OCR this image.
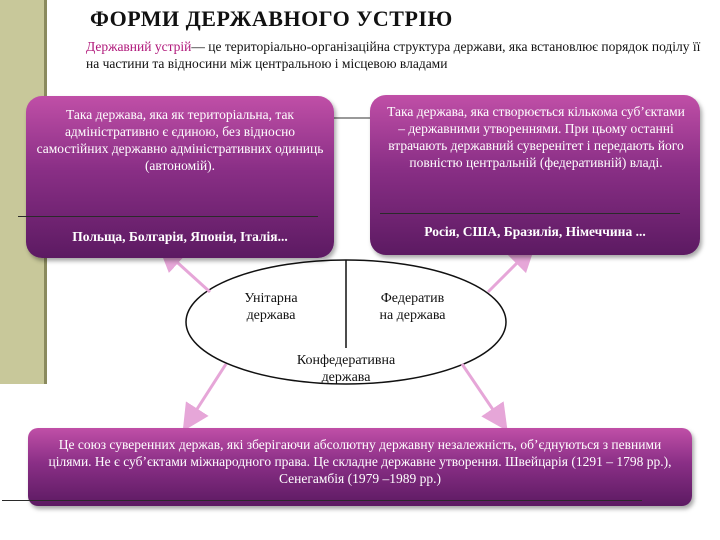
ФОРМИ ДЕРЖАВНОГО УСТРІЮ
Державний устрій— це територіально-організаційна структура держави, яка встановлює порядок поділу її на частини та відносини між центральною і місцевою владами

Така держава, яка як територіальна, так адміністративно є єдиною, без відносно самостійних державно адміністративних одиниць (автономій).

Польща, Болгарія, Японія, Італія...

Така держава, яка створюється кількома суб’єктами – державними утвореннями. При цьому останні втрачають державний суверенітет і передають його повністю центральній (федеративній) владі.

Росія, США, Бразилія, Німеччина ...

Унітарна держава
Федератив на держава
Конфедеративна держава

Це союз суверенних держав, які зберігаючи абсолютну державну незалежність, об’єднуються з певними цілями. Не є суб’єктами міжнародного права. Це складне державне утворення. Швейцарія (1291 – 1798 рр.), Сенегамбія (1979 –1989 рр.)
